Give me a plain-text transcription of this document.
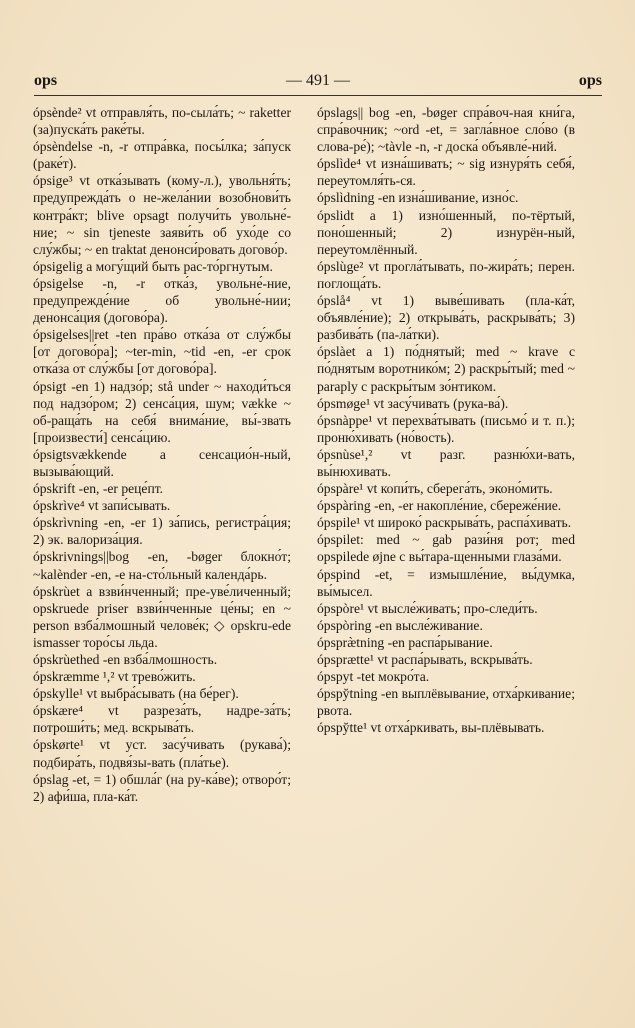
ops	— 491 —	ops

ópsènde² vt отправля́ть, по-сыла́ть; ~ raketter (за)пуска́ть раке́ты.

ópsèndelse -n, -r отпра́вка, посы́лка; за́пуск (раке́т).

ópsige³ vt отка́зывать (кому-л.), увольня́ть; предупрежда́ть о не-жела́нии возобнови́ть контра́кт; blive opsagt получи́ть увольне́-ние; ~ sin tjeneste заяви́ть об ухо́де со слу́жбы; ~ en traktat денонси́ровать догово́р.

ópsigelig a могу́щий быть рас-то́ргнутым.

ópsigelse -n, -r отка́з, увольне́-ние, предупрежде́ние об увольне́-нии; денонса́ция (догово́ра).

ópsigelses||ret -ten пра́во отка́за от слу́жбы [от догово́ра]; ~ter-min, ~tid -en, -er срок отка́за от слу́жбы [от догово́ра].

ópsigt -en 1) надзо́р; stå under ~ находи́ться под надзо́ром; 2) сенса́ция, шум; vække ~ об-раща́ть на себя́ внима́ние, вы́-звать [произвести́] сенса́цию.

ópsigtsvækkende a сенсацио́н-ный, вызыва́ющий.

ópskrift -en, -er реце́пт.

ópskrìve⁴ vt запи́сывать.

ópskrìvning -en, -er 1) за́пись, регистра́ция; 2) эк. валориза́ция.

ópskrivnings||bog -en, -bøger блокно́т; ~kalènder -en, -e на-сто́льный календа́рь.

ópskrùet a взви́нченный; пре-уве́личенный; opskruede priser взви́нченные це́ны; en ~ person взба́лмошный челове́к; ◇ opskru-ede ismasser торо́сы льда.

ópskrùethed -en взба́лмошность.

ópskræmme ¹,² vt трево́жить.

ópskylle¹ vt выбра́сывать (на бе́рег).

ópskære⁴ vt разреза́ть, надре-за́ть; потроши́ть; мед. вскрыва́ть.

ópskørte¹ vt уст. засу́чивать (рукава́); подбира́ть, подвя́зы-вать (пла́тье).

ópslag -et, = 1) обшла́г (на ру-ка́ве); отворо́т; 2) афи́ша, пла-ка́т.

ópslags|| bog -en, -bøger спра́воч-ная кни́га, спра́вочник; ~ord -et, = загла́вное сло́во (в слова-ре́); ~tàvle -n, -r доска́ объявле́-ний.

ópslìde⁴ vt изна́шивать; ~ sig изнуря́ть себя́, переутомля́ть-ся.

ópslìdning -en изна́шивание, изно́с.

ópslidt a 1) изно́шенный, по-тёртый, поно́шенный; 2) изнурён-ный, переутомлённый.

ópslùge² vt прогла́тывать, по-жира́ть; перен. поглоща́ть.

ópslå⁴ vt 1) выве́шивать (пла-ка́т, объявле́ние); 2) открыва́ть, раскрыва́ть; 3) разбива́ть (па-ла́тки).

ópslàet a 1) по́днятый; med ~ krave с по́днятым воротнико́м; 2) раскры́тый; med ~ paraply с раскры́тым зо́нтиком.

ópsmøge¹ vt засу́чивать (рука-ва́).

ópsnàppe¹ vt перехва́тывать (письмо́ и т. п.); проню́хивать (но́вость).

ópsnùse¹,² vt разг. разню́хи-вать, вы́нюхивать.

ópspàre¹ vt копи́ть, сберега́ть, эконо́мить.

ópspàring -en, -er накопле́ние, сбереже́ние.

ópspile¹ vt широко́ раскрыва́ть, распа́хивать.

ópspilet: med ~ gab рази́ня рот; med opspilede øjne с вы́тара-щенными глаза́ми.

ópspind -et, = измышле́ние, вы́думка, вы́мысел.

ópspòre¹ vt высле́живать; про-следи́ть.

ópspòring -en высле́живание.

ópspræ̀tning -en распа́рывание.

ópsprætte¹ vt распа́рывать, вскрыва́ть.

ópspyt -tet мокро́та.

ópspy̆tning -en выплёвывание, отха́ркивание; рвота.

ópspy̆tte¹ vt отха́ркивать, вы-плёвывать.
